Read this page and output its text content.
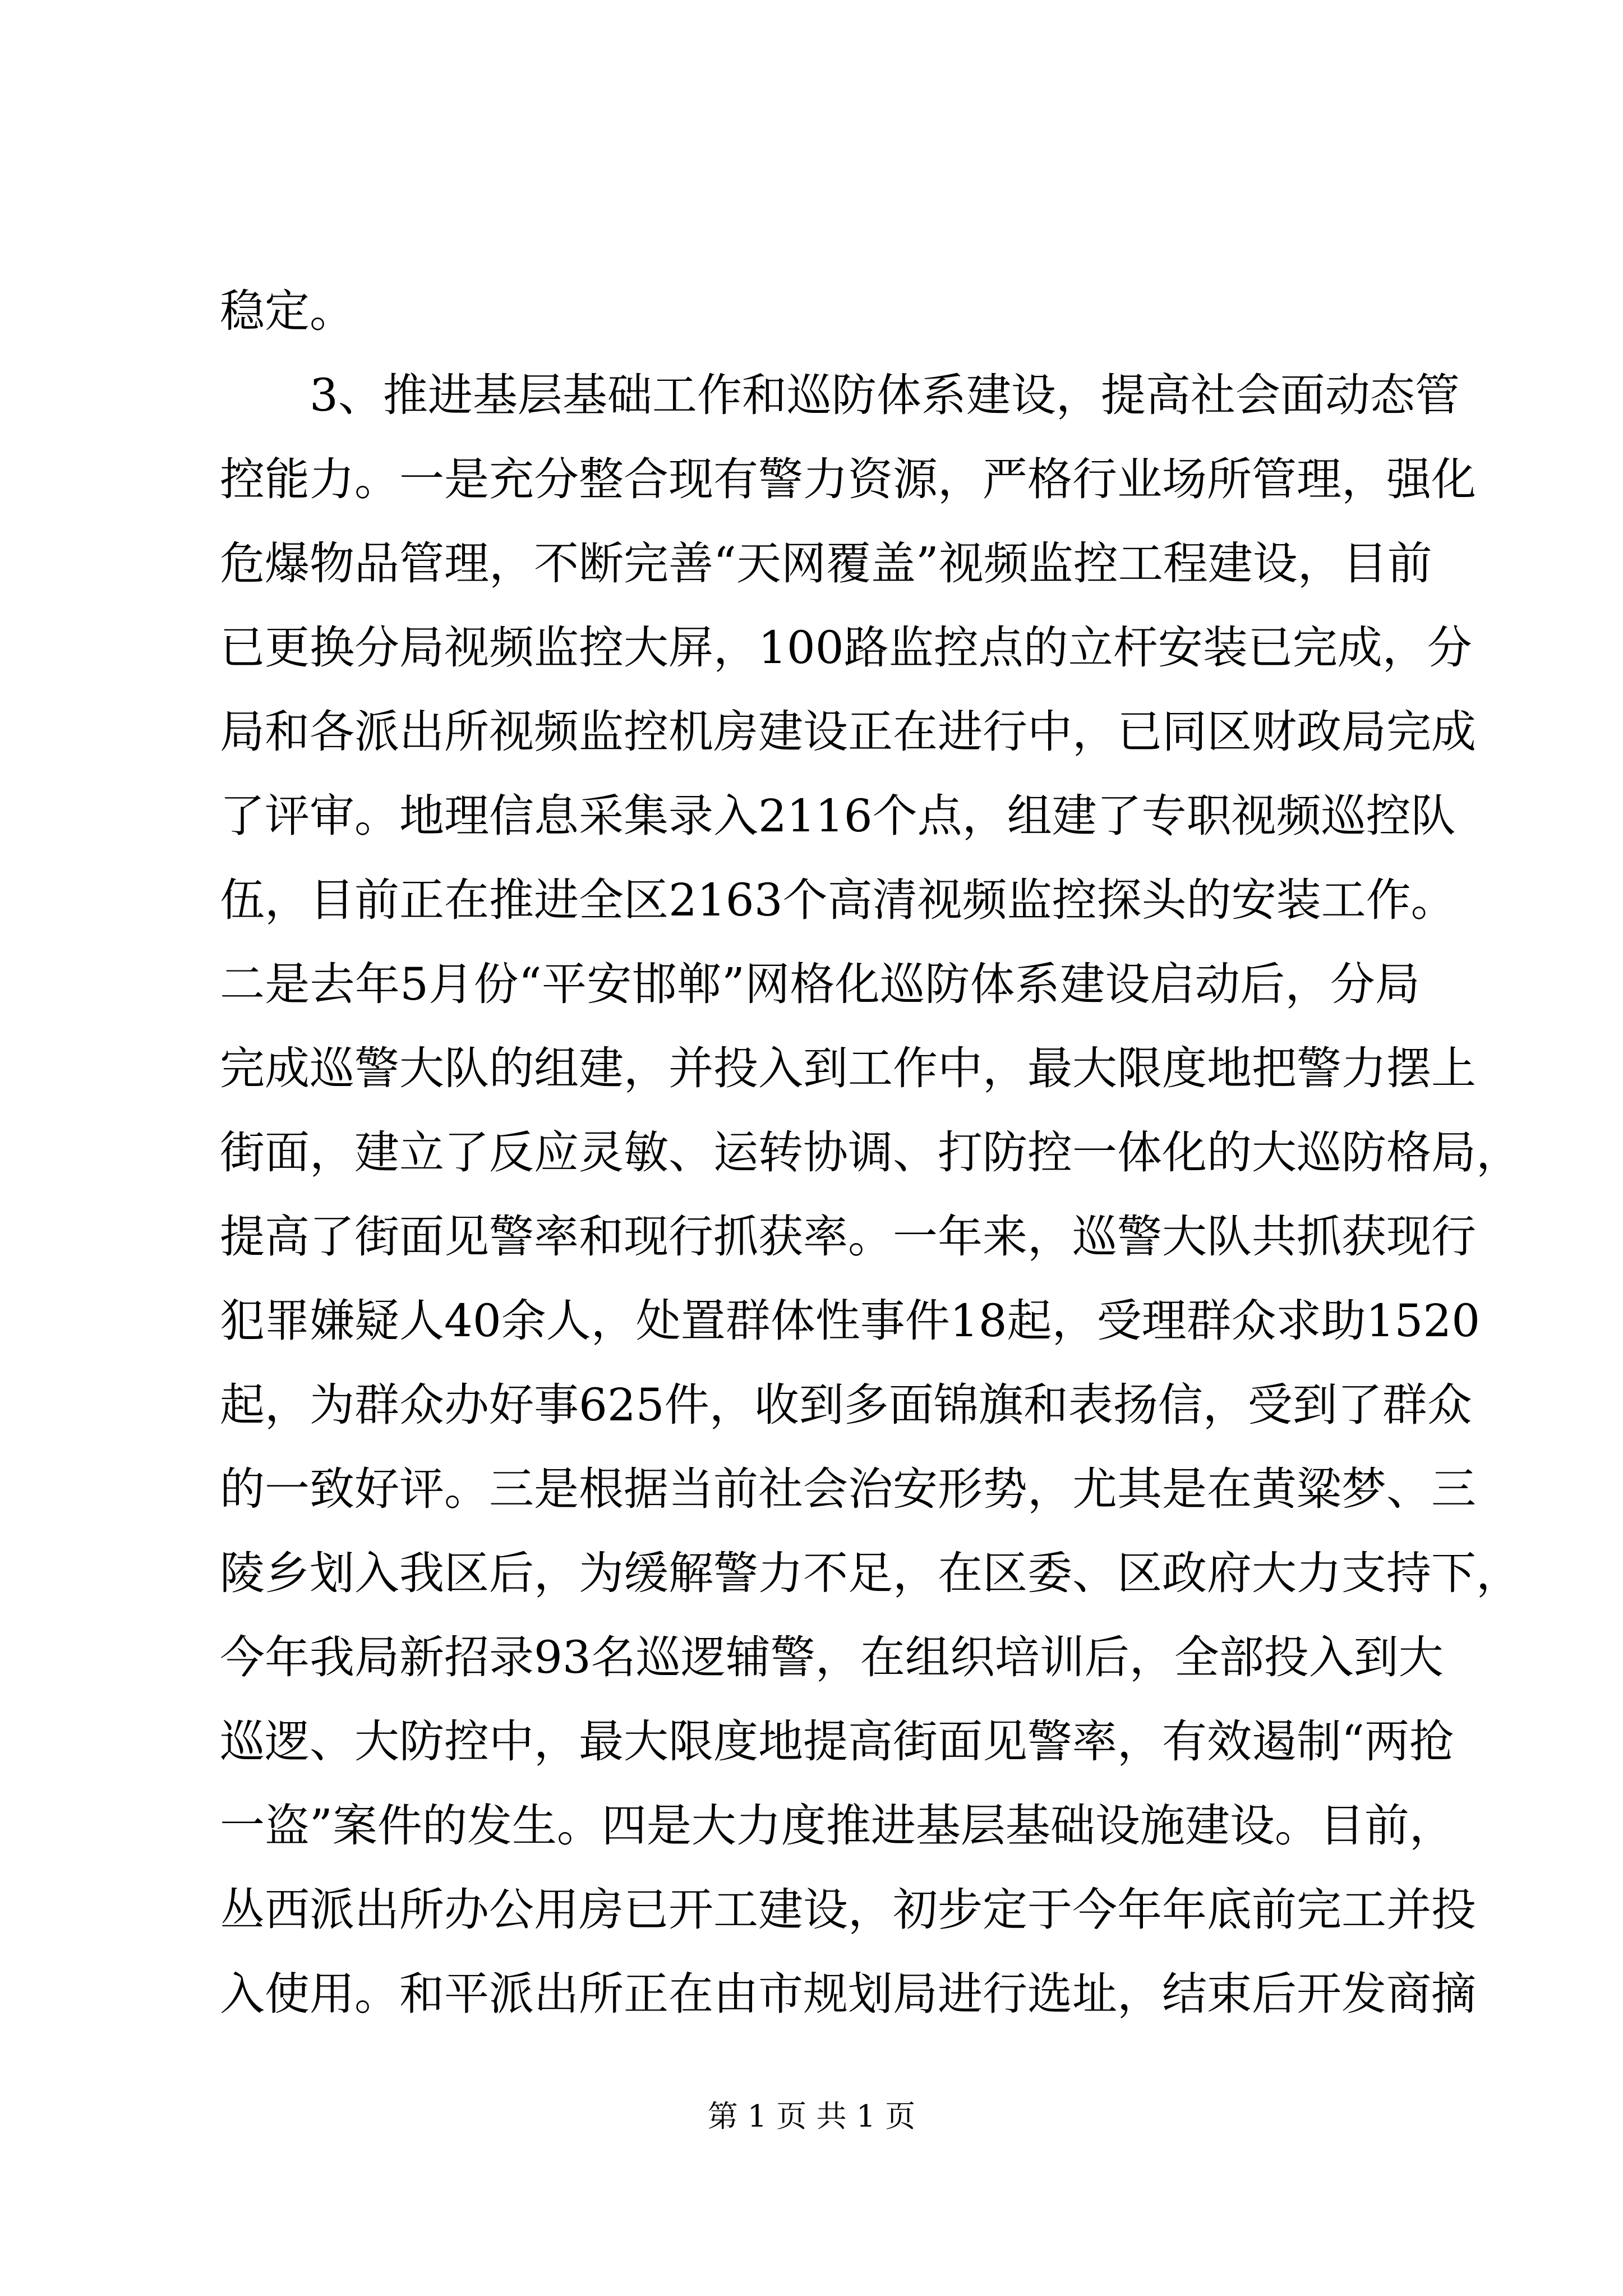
稳定。
3、推进基层基础工作和巡防体系建设，提高社会面动态管
控能力。一是充分整合现有警力资源，严格行业场所管理，强化
危爆物品管理，不断完善“天网覆盖”视频监控工程建设，目前
已更换分局视频监控大屏，100路监控点的立杆安装已完成，分
局和各派出所视频监控机房建设正在进行中，已同区财政局完成
了评审。地理信息采集录入2116个点，组建了专职视频巡控队
伍，目前正在推进全区2163个高清视频监控探头的安装工作。
二是去年5月份“平安邯郸”网格化巡防体系建设启动后，分局
完成巡警大队的组建，并投入到工作中，最大限度地把警力摆上
街面，建立了反应灵敏、运转协调、打防控一体化的大巡防格局，
提高了街面见警率和现行抓获率。一年来，巡警大队共抓获现行
犯罪嫌疑人40余人，处置群体性事件18起，受理群众求助1520
起，为群众办好事625件，收到多面锦旗和表扬信，受到了群众
的一致好评。三是根据当前社会治安形势，尤其是在黄粱梦、三
陵乡划入我区后，为缓解警力不足，在区委、区政府大力支持下，
今年我局新招录93名巡逻辅警，在组织培训后，全部投入到大
巡逻、大防控中，最大限度地提高街面见警率，有效遏制“两抢
一盗”案件的发生。四是大力度推进基层基础设施建设。目前，
丛西派出所办公用房已开工建设，初步定于今年年底前完工并投
入使用。和平派出所正在由市规划局进行选址，结束后开发商摘
第 1 页 共 1 页
